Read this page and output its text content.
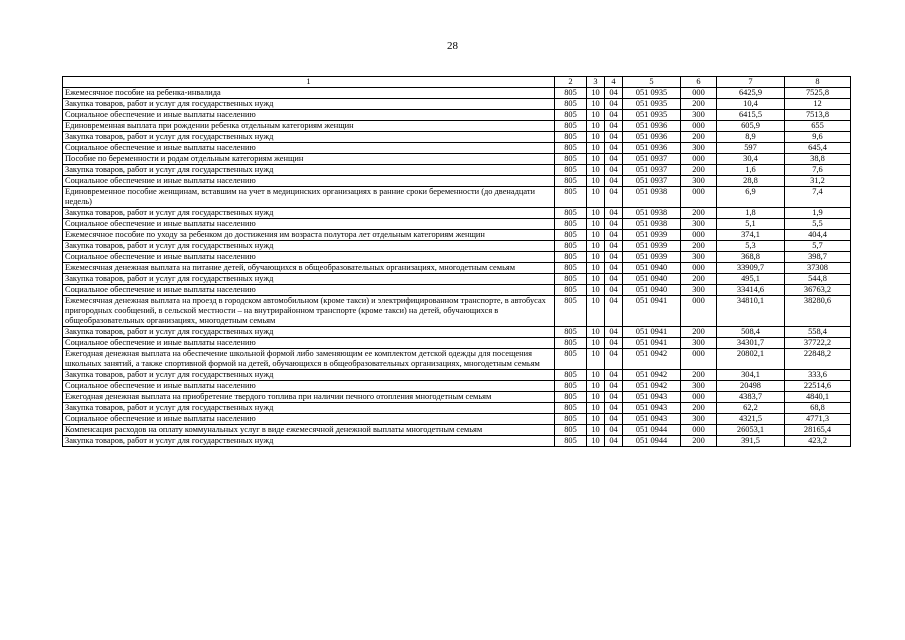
28
1	2	3	4	5	6	7	8
Ежемесячное пособие на ребенка-инвалида	805	10	04	051 0935	000	6425,9	7525,8
Закупка товаров, работ и услуг для государственных нужд	805	10	04	051 0935	200	10,4	12
Социальное обеспечение и иные выплаты населению	805	10	04	051 0935	300	6415,5	7513,8
Единовременная выплата при рождении ребенка отдельным категориям женщин	805	10	04	051 0936	000	605,9	655
Закупка товаров, работ и услуг для государственных нужд	805	10	04	051 0936	200	8,9	9,6
Социальное обеспечение и иные выплаты населению	805	10	04	051 0936	300	597	645,4
Пособие по беременности и родам отдельным категориям женщин	805	10	04	051 0937	000	30,4	38,8
Закупка товаров, работ и услуг для государственных нужд	805	10	04	051 0937	200	1,6	7,6
Социальное обеспечение и иные выплаты населению	805	10	04	051 0937	300	28,8	31,2
Единовременное пособие женщинам, вставшим на учет в медицинских организациях в ранние сроки беременности (до двенадцати недель)	805	10	04	051 0938	000	6,9	7,4
Закупка товаров, работ и услуг для государственных нужд	805	10	04	051 0938	200	1,8	1,9
Социальное обеспечение и иные выплаты населению	805	10	04	051 0938	300	5,1	5,5
Ежемесячное пособие по уходу за ребенком до достижения им возраста полутора лет отдельным категориям женщин	805	10	04	051 0939	000	374,1	404,4
Закупка товаров, работ и услуг для государственных нужд	805	10	04	051 0939	200	5,3	5,7
Социальное обеспечение и иные выплаты населению	805	10	04	051 0939	300	368,8	398,7
Ежемесячная денежная выплата на питание детей, обучающихся в общеобразовательных организациях, многодетным семьям	805	10	04	051 0940	000	33909,7	37308
Закупка товаров, работ и услуг для государственных нужд	805	10	04	051 0940	200	495,1	544,8
Социальное обеспечение и иные выплаты населению	805	10	04	051 0940	300	33414,6	36763,2
Ежемесячная денежная выплата на проезд в городском автомобильном (кроме такси) и электрифицированном транспорте, в автобусах пригородных сообщений, в сельской местности – на внутрирайонном транспорте (кроме такси) на детей, обучающихся в общеобразовательных организациях, многодетным семьям	805	10	04	051 0941	000	34810,1	38280,6
Закупка товаров, работ и услуг для государственных нужд	805	10	04	051 0941	200	508,4	558,4
Социальное обеспечение и иные выплаты населению	805	10	04	051 0941	300	34301,7	37722,2
Ежегодная денежная выплата на обеспечение школьной формой либо заменяющим ее комплектом детской одежды для посещения школьных занятий, а также спортивной формой на детей, обучающихся в общеобразовательных организациях, многодетным семьям	805	10	04	051 0942	000	20802,1	22848,2
Закупка товаров, работ и услуг для государственных нужд	805	10	04	051 0942	200	304,1	333,6
Социальное обеспечение и иные выплаты населению	805	10	04	051 0942	300	20498	22514,6
Ежегодная денежная выплата на приобретение твердого топлива при наличии печного отопления многодетным семьям	805	10	04	051 0943	000	4383,7	4840,1
Закупка товаров, работ и услуг для государственных нужд	805	10	04	051 0943	200	62,2	68,8
Социальное обеспечение и иные выплаты населению	805	10	04	051 0943	300	4321,5	4771,3
Компенсация расходов на оплату коммунальных услуг в виде ежемесячной денежной выплаты многодетным семьям	805	10	04	051 0944	000	26053,1	28165,4
Закупка товаров, работ и услуг для государственных нужд	805	10	04	051 0944	200	391,5	423,2
